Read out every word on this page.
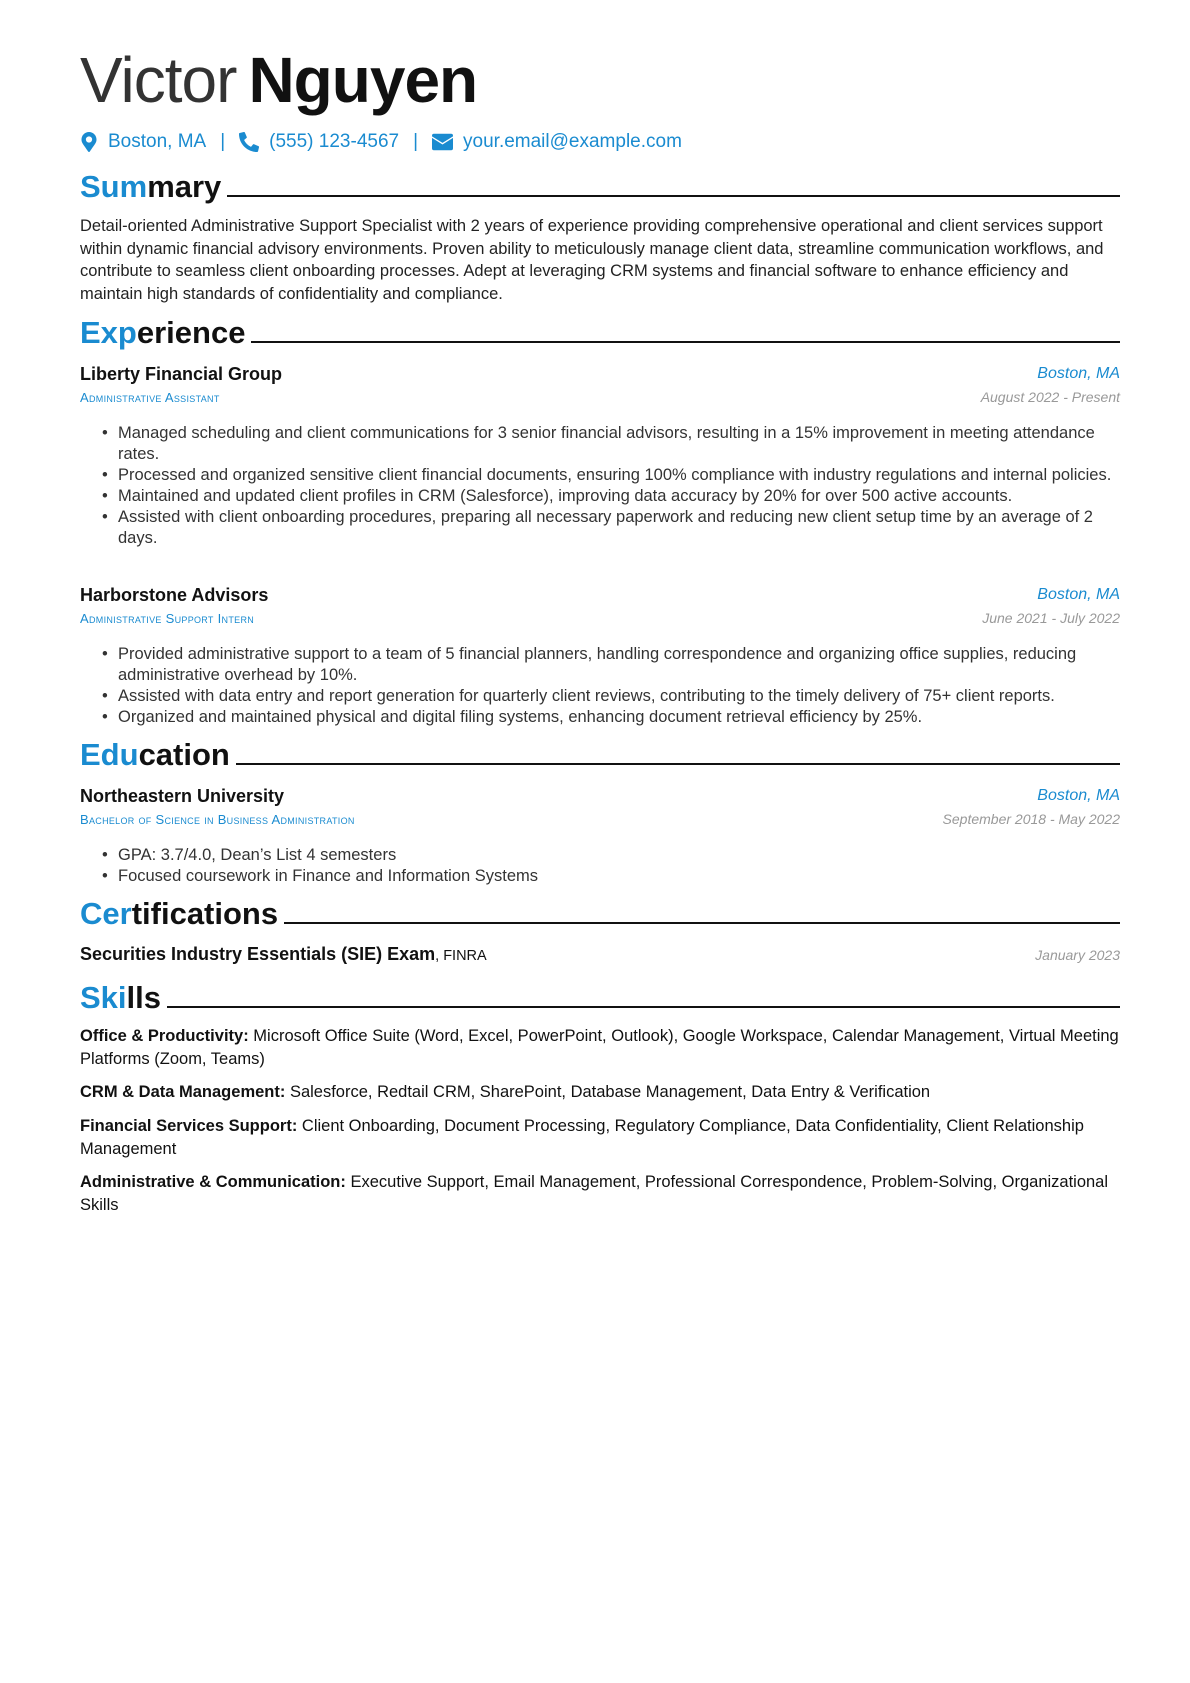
Victor Nguyen
Boston, MA | (555) 123-4567 | your.email@example.com
Summary
Detail-oriented Administrative Support Specialist with 2 years of experience providing comprehensive operational and client services support within dynamic financial advisory environments. Proven ability to meticulously manage client data, streamline communication workflows, and contribute to seamless client onboarding processes. Adept at leveraging CRM systems and financial software to enhance efficiency and maintain high standards of confidentiality and compliance.
Experience
Liberty Financial Group	Boston, MA
Administrative Assistant	August 2022 - Present
• Managed scheduling and client communications for 3 senior financial advisors, resulting in a 15% improvement in meeting attendance rates.
• Processed and organized sensitive client financial documents, ensuring 100% compliance with industry regulations and internal policies.
• Maintained and updated client profiles in CRM (Salesforce), improving data accuracy by 20% for over 500 active accounts.
• Assisted with client onboarding procedures, preparing all necessary paperwork and reducing new client setup time by an average of 2 days.
Harborstone Advisors	Boston, MA
Administrative Support Intern	June 2021 - July 2022
• Provided administrative support to a team of 5 financial planners, handling correspondence and organizing office supplies, reducing administrative overhead by 10%.
• Assisted with data entry and report generation for quarterly client reviews, contributing to the timely delivery of 75+ client reports.
• Organized and maintained physical and digital filing systems, enhancing document retrieval efficiency by 25%.
Education
Northeastern University	Boston, MA
Bachelor of Science in Business Administration	September 2018 - May 2022
• GPA: 3.7/4.0, Dean’s List 4 semesters
• Focused coursework in Finance and Information Systems
Certifications
Securities Industry Essentials (SIE) Exam, FINRA	January 2023
Skills
Office & Productivity: Microsoft Office Suite (Word, Excel, PowerPoint, Outlook), Google Workspace, Calendar Management, Virtual Meeting Platforms (Zoom, Teams)
CRM & Data Management: Salesforce, Redtail CRM, SharePoint, Database Management, Data Entry & Verification
Financial Services Support: Client Onboarding, Document Processing, Regulatory Compliance, Data Confidentiality, Client Relationship Management
Administrative & Communication: Executive Support, Email Management, Professional Correspondence, Problem-Solving, Organizational Skills
